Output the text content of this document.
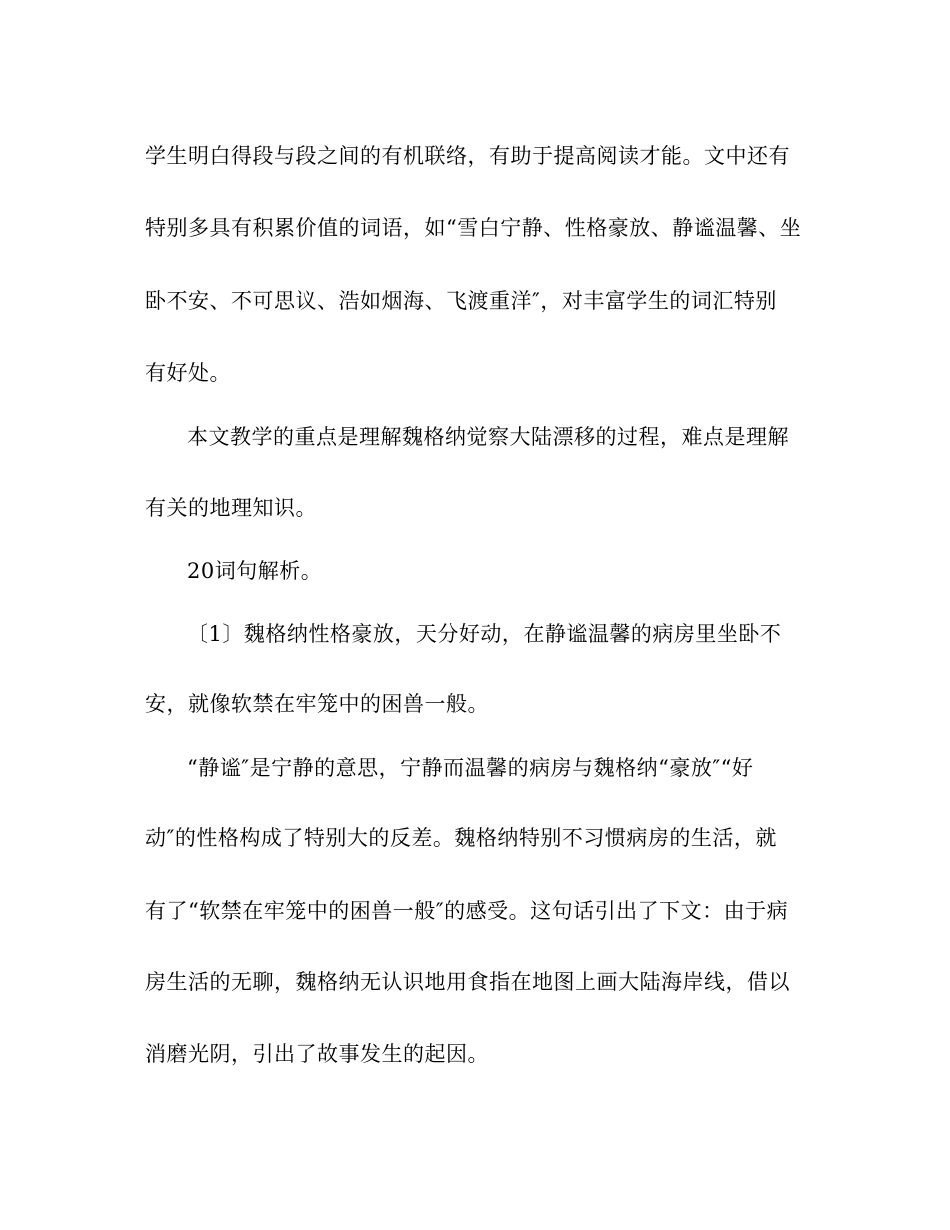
学生明白得段与段之间的有机联络，有助于提高阅读才能。文中还有
特别多具有积累价值的词语，如“雪白宁静、性格豪放、静谧温馨、坐
卧不安、不可思议、浩如烟海、飞渡重洋″，对丰富学生的词汇特别
有好处。
本文教学的重点是理解魏格纳觉察大陆漂移的过程，难点是理解
有关的地理知识。
20词句解析。
〔1〕魏格纳性格豪放，天分好动，在静谧温馨的病房里坐卧不
安，就像软禁在牢笼中的困兽一般。
“静谧″是宁静的意思，宁静而温馨的病房与魏格纳“豪放″“好
动″的性格构成了特别大的反差。魏格纳特别不习惯病房的生活，就
有了“软禁在牢笼中的困兽一般″的感受。这句话引出了下文：由于病
房生活的无聊，魏格纳无认识地用食指在地图上画大陆海岸线，借以
消磨光阴，引出了故事发生的起因。
